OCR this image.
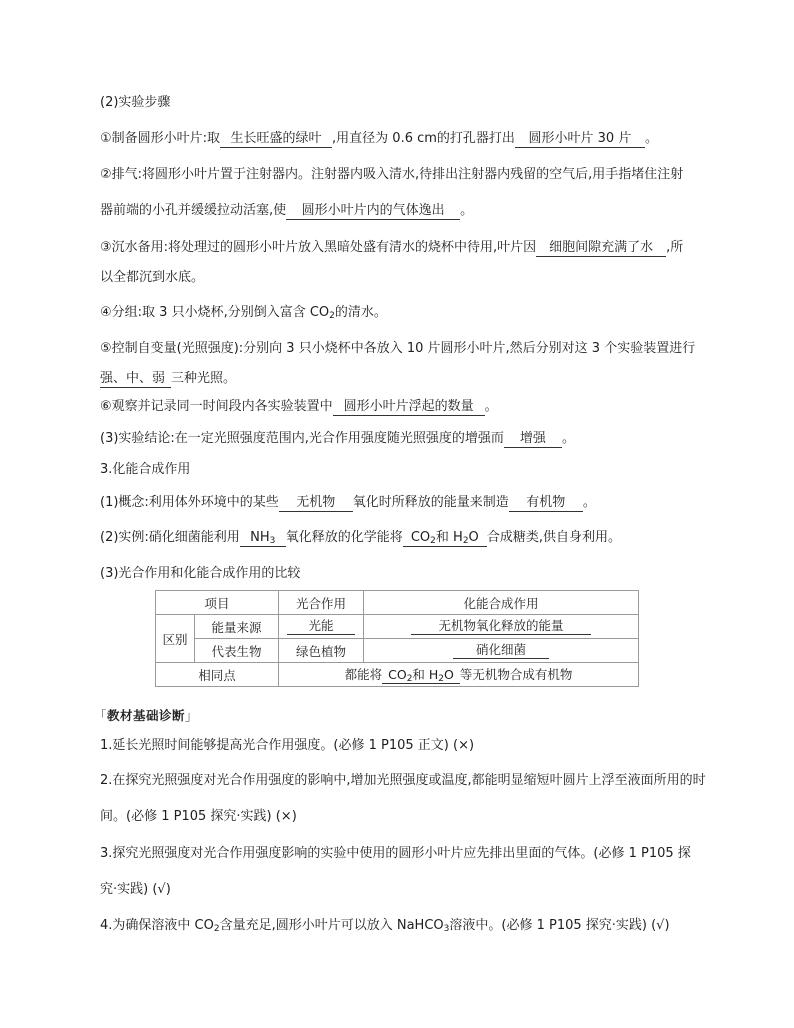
(2)实验步骤
①制备圆形小叶片:取 生长旺盛的绿叶 ,用直径为 0.6 cm的打孔器打出 圆形小叶片 30 片 。
②排气:将圆形小叶片置于注射器内。注射器内吸入清水,待排出注射器内残留的空气后,用手指堵住注射
器前端的小孔并缓缓拉动活塞,使 圆形小叶片内的气体逸出 。
③沉水备用:将处理过的圆形小叶片放入黑暗处盛有清水的烧杯中待用,叶片因 细胞间隙充满了水 ,所
以全都沉到水底。
④分组:取 3 只小烧杯,分别倒入富含 $CO_2$的清水。
⑤控制自变量(光照强度):分别向 3 只小烧杯中各放入 10 片圆形小叶片,然后分别对这 3 个实验装置进行
强、中、弱 三种光照。
⑥观察并记录同一时间段内各实验装置中 圆形小叶片浮起的数量 。
(3)实验结论:在一定光照强度范围内,光合作用强度随光照强度的增强而 增强 。
3.化能合成作用
(1)概念:利用体外环境中的某些 无机物 氧化时所释放的能量来制造 有机物 。
(2)实例:硝化细菌能利用 $NH_3$ 氧化释放的化学能将 $CO_2$和 $H_2O$ 合成糖类,供自身利用。
(3)光合作用和化能合成作用的比较
项目		光合作用	化能合成作用
区别	能量来源	光能	无机物氧化释放的能量
	代表生物	绿色植物	硝化细菌
相同点		都能将 $CO_2$和 $H_2O$ 等无机物合成有机物	
「 教材基础诊断 」
1.延长光照时间能够提高光合作用强度。(必修 1 P105 正文) (×)
2.在探究光照强度对光合作用强度的影响中,增加光照强度或温度,都能明显缩短叶圆片上浮至液面所用的时
间。(必修 1 P105 探究·实践) (×)
3.探究光照强度对光合作用强度影响的实验中使用的圆形小叶片应先排出里面的气体。(必修 1 P105 探
究·实践) (√)
4.为确保溶液中 $CO_2$含量充足,圆形小叶片可以放入 NaHCO$_3$溶液中。(必修 1 P105 探究·实践) (√)
